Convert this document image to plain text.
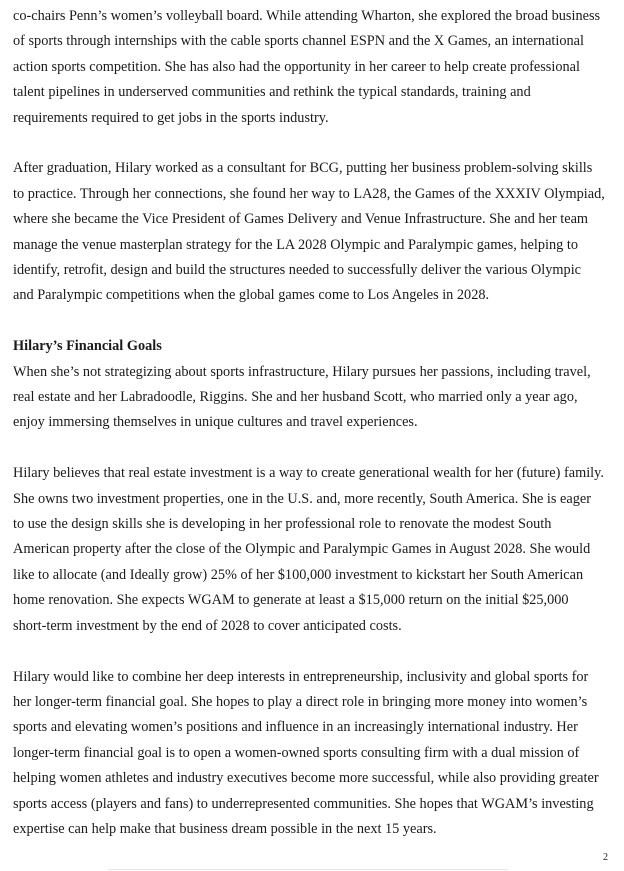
co-chairs Penn’s women’s volleyball board. While attending Wharton, she explored the broad business
of sports through internships with the cable sports channel ESPN and the X Games, an international
action sports competition. She has also had the opportunity in her career to help create professional
talent pipelines in underserved communities and rethink the typical standards, training and
requirements required to get jobs in the sports industry.

After graduation, Hilary worked as a consultant for BCG, putting her business problem-solving skills
to practice. Through her connections, she found her way to LA28, the Games of the XXXIV Olympiad,
where she became the Vice President of Games Delivery and Venue Infrastructure. She and her team
manage the venue masterplan strategy for the LA 2028 Olympic and Paralympic games, helping to
identify, retrofit, design and build the structures needed to successfully deliver the various Olympic
and Paralympic competitions when the global games come to Los Angeles in 2028.

Hilary’s Financial Goals

When she’s not strategizing about sports infrastructure, Hilary pursues her passions, including travel,
real estate and her Labradoodle, Riggins. She and her husband Scott, who married only a year ago,
enjoy immersing themselves in unique cultures and travel experiences.

Hilary believes that real estate investment is a way to create generational wealth for her (future) family.
She owns two investment properties, one in the U.S. and, more recently, South America. She is eager
to use the design skills she is developing in her professional role to renovate the modest South
American property after the close of the Olympic and Paralympic Games in August 2028. She would
like to allocate (and Ideally grow) 25% of her $100,000 investment to kickstart her South American
home renovation. She expects WGAM to generate at least a $15,000 return on the initial $25,000
short-term investment by the end of 2028 to cover anticipated costs.

Hilary would like to combine her deep interests in entrepreneurship, inclusivity and global sports for
her longer-term financial goal. She hopes to play a direct role in bringing more money into women’s
sports and elevating women’s positions and influence in an increasingly international industry. Her
longer-term financial goal is to open a women-owned sports consulting firm with a dual mission of
helping women athletes and industry executives become more successful, while also providing greater
sports access (players and fans) to underrepresented communities. She hopes that WGAM’s investing
expertise can help make that business dream possible in the next 15 years.

2
